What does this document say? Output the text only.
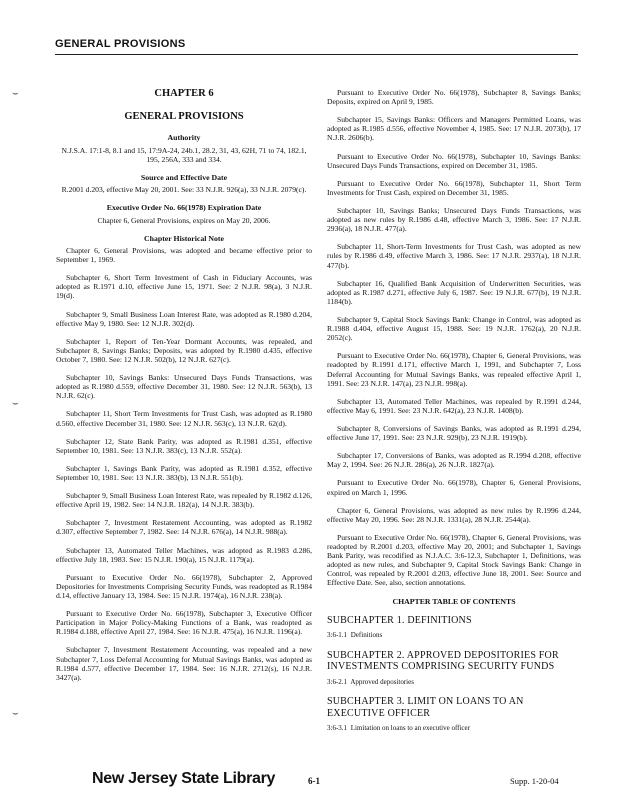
GENERAL PROVISIONS
⌣
⌣
⌣
CHAPTER 6
GENERAL PROVISIONS
Authority

N.J.S.A. 17:1-8, 8.1 and 15, 17:9A-24, 24b.1, 28.2, 31, 43, 62H, 71 to 74, 182.1, 195, 256A, 333 and 334.

Source and Effective Date

R.2001 d.203, effective May 20, 2001. See: 33 N.J.R. 926(a), 33 N.J.R. 2079(c).

Executive Order No. 66(1978) Expiration Date

Chapter 6, General Provisions, expires on May 20, 2006.

Chapter Historical Note

Chapter 6, General Provisions, was adopted and became effective prior to September 1, 1969.

Subchapter 6, Short Term Investment of Cash in Fiduciary Accounts, was adopted as R.1971 d.10, effective June 15, 1971. See: 2 N.J.R. 98(a), 3 N.J.R. 19(d).

Subchapter 9, Small Business Loan Interest Rate, was adopted as R.1980 d.204, effective May 9, 1980. See: 12 N.J.R. 302(d).

Subchapter 1, Report of Ten-Year Dormant Accounts, was repealed, and Subchapter 8, Savings Banks; Deposits, was adopted by R.1980 d.435, effective October 7, 1980. See: 12 N.J.R. 502(b), 12 N.J.R. 627(c).

Subchapter 10, Savings Banks: Unsecured Days Funds Transactions, was adopted as R.1980 d.559, effective December 31, 1980. See: 12 N.J.R. 563(b), 13 N.J.R. 62(c).

Subchapter 11, Short Term Investments for Trust Cash, was adopted as R.1980 d.560, effective December 31, 1980. See: 12 N.J.R. 563(c), 13 N.J.R. 62(d).

Subchapter 12, State Bank Parity, was adopted as R.1981 d.351, effective September 10, 1981. See: 13 N.J.R. 383(c), 13 N.J.R. 552(a).

Subchapter 1, Savings Bank Parity, was adopted as R.1981 d.352, effective September 10, 1981. See: 13 N.J.R. 383(b), 13 N.J.R. 551(b).

Subchapter 9, Small Business Loan Interest Rate, was repealed by R.1982 d.126, effective April 19, 1982. See: 14 N.J.R. 182(a), 14 N.J.R. 383(b).

Subchapter 7, Investment Restatement Accounting, was adopted as R.1982 d.307, effective September 7, 1982. See: 14 N.J.R. 676(a), 14 N.J.R. 988(a).

Subchapter 13, Automated Teller Machines, was adopted as R.1983 d.286, effective July 18, 1983. See: 15 N.J.R. 190(a), 15 N.J.R. 1179(a).

Pursuant to Executive Order No. 66(1978), Subchapter 2, Approved Depositories for Investments Comprising Security Funds, was readopted as R.1984 d.14, effective January 13, 1984. See: 15 N.J.R. 1974(a), 16 N.J.R. 238(a).

Pursuant to Executive Order No. 66(1978), Subchapter 3, Executive Officer Participation in Major Policy-Making Functions of a Bank, was readopted as R.1984 d.188, effective April 27, 1984. See: 16 N.J.R. 475(a), 16 N.J.R. 1196(a).

Subchapter 7, Investment Restatement Accounting, was repealed and a new Subchapter 7, Loss Deferral Accounting for Mutual Savings Banks, was adopted as R.1984 d.577, effective December 17, 1984. See: 16 N.J.R. 2712(s), 16 N.J.R. 3427(a).

Pursuant to Executive Order No. 66(1978), Subchapter 8, Savings Banks; Deposits, expired on April 9, 1985.

Subchapter 15, Savings Banks: Officers and Managers Permitted Loans, was adopted as R.1985 d.556, effective November 4, 1985. See: 17 N.J.R. 2073(b), 17 N.J.R. 2606(b).

Pursuant to Executive Order No. 66(1978), Subchapter 10, Savings Banks: Unsecured Days Funds Transactions, expired on December 31, 1985.

Pursuant to Executive Order No. 66(1978), Subchapter 11, Short Term Investments for Trust Cash, expired on December 31, 1985.

Subchapter 10, Savings Banks; Unsecured Days Funds Transactions, was adopted as new rules by R.1986 d.48, effective March 3, 1986. See: 17 N.J.R. 2936(a), 18 N.J.R. 477(a).

Subchapter 11, Short-Term Investments for Trust Cash, was adopted as new rules by R.1986 d.49, effective March 3, 1986. See: 17 N.J.R. 2937(a), 18 N.J.R. 477(b).

Subchapter 16, Qualified Bank Acquisition of Underwritten Securities, was adopted as R.1987 d.271, effective July 6, 1987. See: 19 N.J.R. 677(b), 19 N.J.R. 1184(b).

Subchapter 9, Capital Stock Savings Bank: Change in Control, was adopted as R.1988 d.404, effective August 15, 1988. See: 19 N.J.R. 1762(a), 20 N.J.R. 2052(c).

Pursuant to Executive Order No. 66(1978), Chapter 6, General Provisions, was readopted by R.1991 d.171, effective March 1, 1991, and Subchapter 7, Loss Deferral Accounting for Mutual Savings Banks, was repealed effective April 1, 1991. See: 23 N.J.R. 147(a), 23 N.J.R. 998(a).

Subchapter 13, Automated Teller Machines, was repealed by R.1991 d.244, effective May 6, 1991. See: 23 N.J.R. 642(a), 23 N.J.R. 1408(b).

Subchapter 8, Conversions of Savings Banks, was adopted as R.1991 d.294, effective June 17, 1991. See: 23 N.J.R. 929(b), 23 N.J.R. 1919(b).

Subchapter 17, Conversions of Banks, was adopted as R.1994 d.208, effective May 2, 1994. See: 26 N.J.R. 286(a), 26 N.J.R. 1827(a).

Pursuant to Executive Order No. 66(1978), Chapter 6, General Provisions, expired on March 1, 1996.

Chapter 6, General Provisions, was adopted as new rules by R.1996 d.244, effective May 20, 1996. See: 28 N.J.R. 1331(a), 28 N.J.R. 2544(a).

Pursuant to Executive Order No. 66(1978), Chapter 6, General Provisions, was readopted by R.2001 d.203, effective May 20, 2001; and Subchapter 1, Savings Bank Parity, was recodified as N.J.A.C. 3:6-12.3, Subchapter 1, Definitions, was adopted as new rules, and Subchapter 9, Capital Stock Savings Bank: Change in Control, was repealed by R.2001 d.203, effective June 18, 2001. See: Source and Effective Date. See, also, section annotations.

CHAPTER TABLE OF CONTENTS
SUBCHAPTER 1. DEFINITIONS
3:6-1.1 Definitions
SUBCHAPTER 2. APPROVED DEPOSITORIES FOR INVESTMENTS COMPRISING SECURITY FUNDS
3:6-2.1 Approved depositories
SUBCHAPTER 3. LIMIT ON LOANS TO AN EXECUTIVE OFFICER
3:6-3.1 Limitation on loans to an executive officer
New Jersey State Library	6-1	Supp. 1-20-04
